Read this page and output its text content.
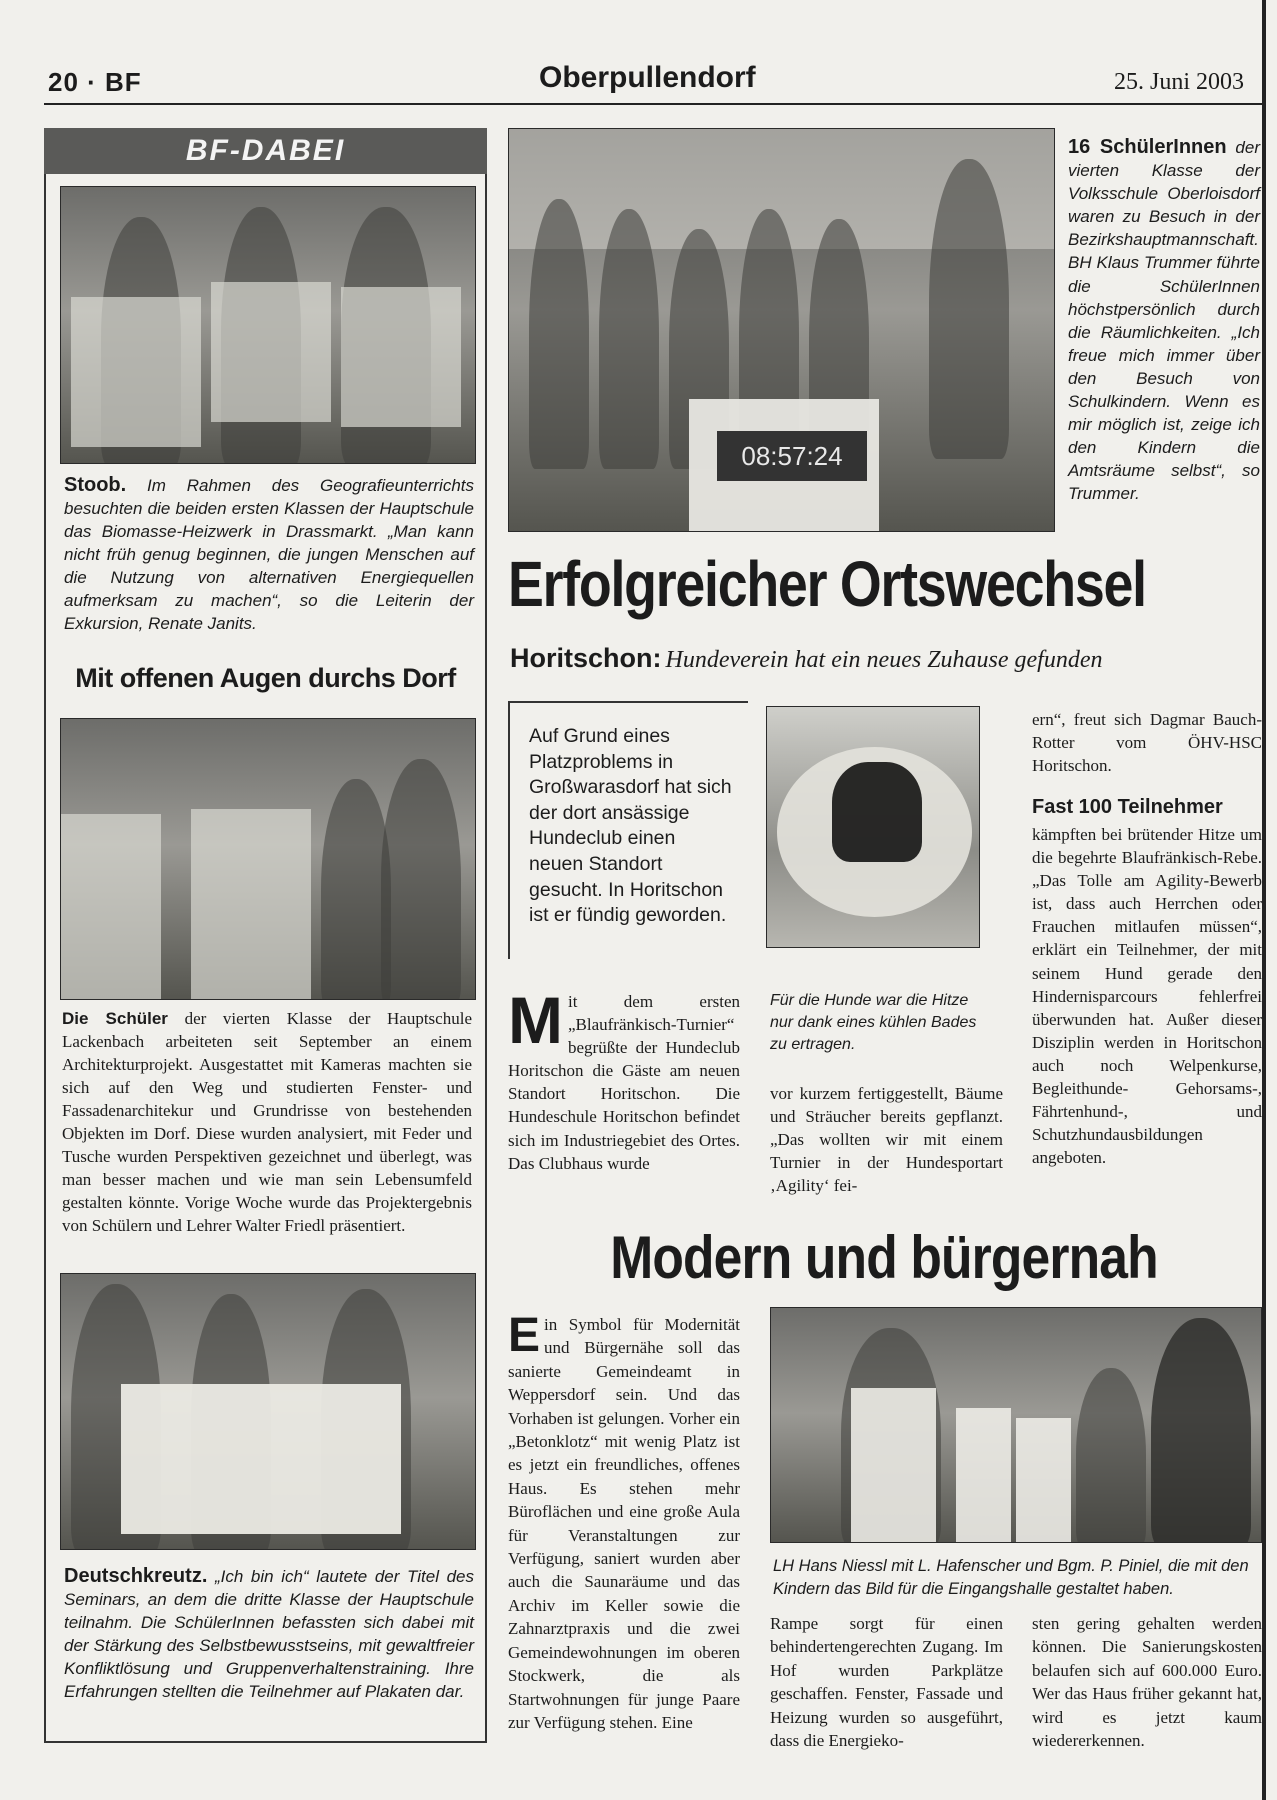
20 · BF	Oberpullendorf	25. Juni 2003
BF-DABEI
Stoob. Im Rahmen des Geografieunterrichts besuchten die beiden ersten Klassen der Hauptschule das Biomasse-Heizwerk in Drassmarkt. „Man kann nicht früh genug beginnen, die jungen Menschen auf die Nutzung von alternativen Energiequellen aufmerksam zu machen“, so die Leiterin der Exkursion, Renate Janits.
Mit offenen Augen durchs Dorf
Die Schüler der vierten Klasse der Hauptschule Lackenbach arbeiteten seit September an einem Architekturprojekt. Ausgestattet mit Kameras machten sie sich auf den Weg und studierten Fenster- und Fassadenarchitekur und Grundrisse von bestehenden Objekten im Dorf. Diese wurden analysiert, mit Feder und Tusche wurden Perspektiven gezeichnet und überlegt, was man besser machen und wie man sein Lebensumfeld gestalten könnte. Vorige Woche wurde das Projektergebnis von Schülern und Lehrer Walter Friedl präsentiert.
Deutschkreutz. „Ich bin ich“ lautete der Titel des Seminars, an dem die dritte Klasse der Hauptschule teilnahm. Die SchülerInnen befassten sich dabei mit der Stärkung des Selbstbewusstseins, mit gewaltfreier Konfliktlösung und Gruppenverhaltenstraining. Ihre Erfahrungen stellten die Teilnehmer auf Plakaten dar.
08:57:24
16 SchülerInnen der vierten Klasse der Volksschule Oberloisdorf waren zu Besuch in der Bezirkshauptmannschaft. BH Klaus Trummer führte die SchülerInnen höchstpersönlich durch die Räumlichkeiten. „Ich freue mich immer über den Besuch von Schulkindern. Wenn es mir möglich ist, zeige ich den Kindern die Amtsräume selbst“, so Trummer.
Erfolgreicher Ortswechsel
Horitschon: Hundeverein hat ein neues Zuhause gefunden
Auf Grund eines Platzproblems in Großwarasdorf hat sich der dort ansässige Hundeclub einen neuen Standort gesucht. In Horitschon ist er fündig geworden.
Für die Hunde war die Hitze nur dank eines kühlen Bades zu ertragen.
M it dem ersten „Blaufränkisch-Turnier“ begrüßte der Hundeclub Horitschon die Gäste am neuen Standort Horitschon. Die Hundeschule Horitschon befindet sich im Industriegebiet des Ortes. Das Clubhaus wurde
vor kurzem fertiggestellt, Bäume und Sträucher bereits gepflanzt. „Das wollten wir mit einem Turnier in der Hundesportart ‚Agility‘ fei-
ern“, freut sich Dagmar Bauch-Rotter vom ÖHV-HSC Horitschon.
Fast 100 Teilnehmer
kämpften bei brütender Hitze um die begehrte Blaufränkisch-Rebe. „Das Tolle am Agility-Bewerb ist, dass auch Herrchen oder Frauchen mitlaufen müssen“, erklärt ein Teilnehmer, der mit seinem Hund gerade den Hindernisparcours fehlerfrei überwunden hat. Außer dieser Disziplin werden in Horitschon auch noch Welpenkurse, Begleithunde- Gehorsams-, Fährtenhund-, und Schutzhundausbildungen angeboten.
Modern und bürgernah
E in Symbol für Modernität und Bürgernähe soll das sanierte Gemeindeamt in Weppersdorf sein. Und das Vorhaben ist gelungen. Vorher ein „Betonklotz“ mit wenig Platz ist es jetzt ein freundliches, offenes Haus. Es stehen mehr Büroflächen und eine große Aula für Veranstaltungen zur Verfügung, saniert wurden aber auch die Saunaräume und das Archiv im Keller sowie die Zahnarztpraxis und die zwei Gemeindewohnungen im oberen Stockwerk, die als Startwohnungen für junge Paare zur Verfügung stehen. Eine
LH Hans Niessl mit L. Hafenscher und Bgm. P. Piniel, die mit den Kindern das Bild für die Eingangshalle gestaltet haben.
Rampe sorgt für einen behindertengerechten Zugang. Im Hof wurden Parkplätze geschaffen. Fenster, Fassade und Heizung wurden so ausgeführt, dass die Energieko-
sten gering gehalten werden können. Die Sanierungskosten belaufen sich auf 600.000 Euro. Wer das Haus früher gekannt hat, wird es jetzt kaum wiedererkennen.
